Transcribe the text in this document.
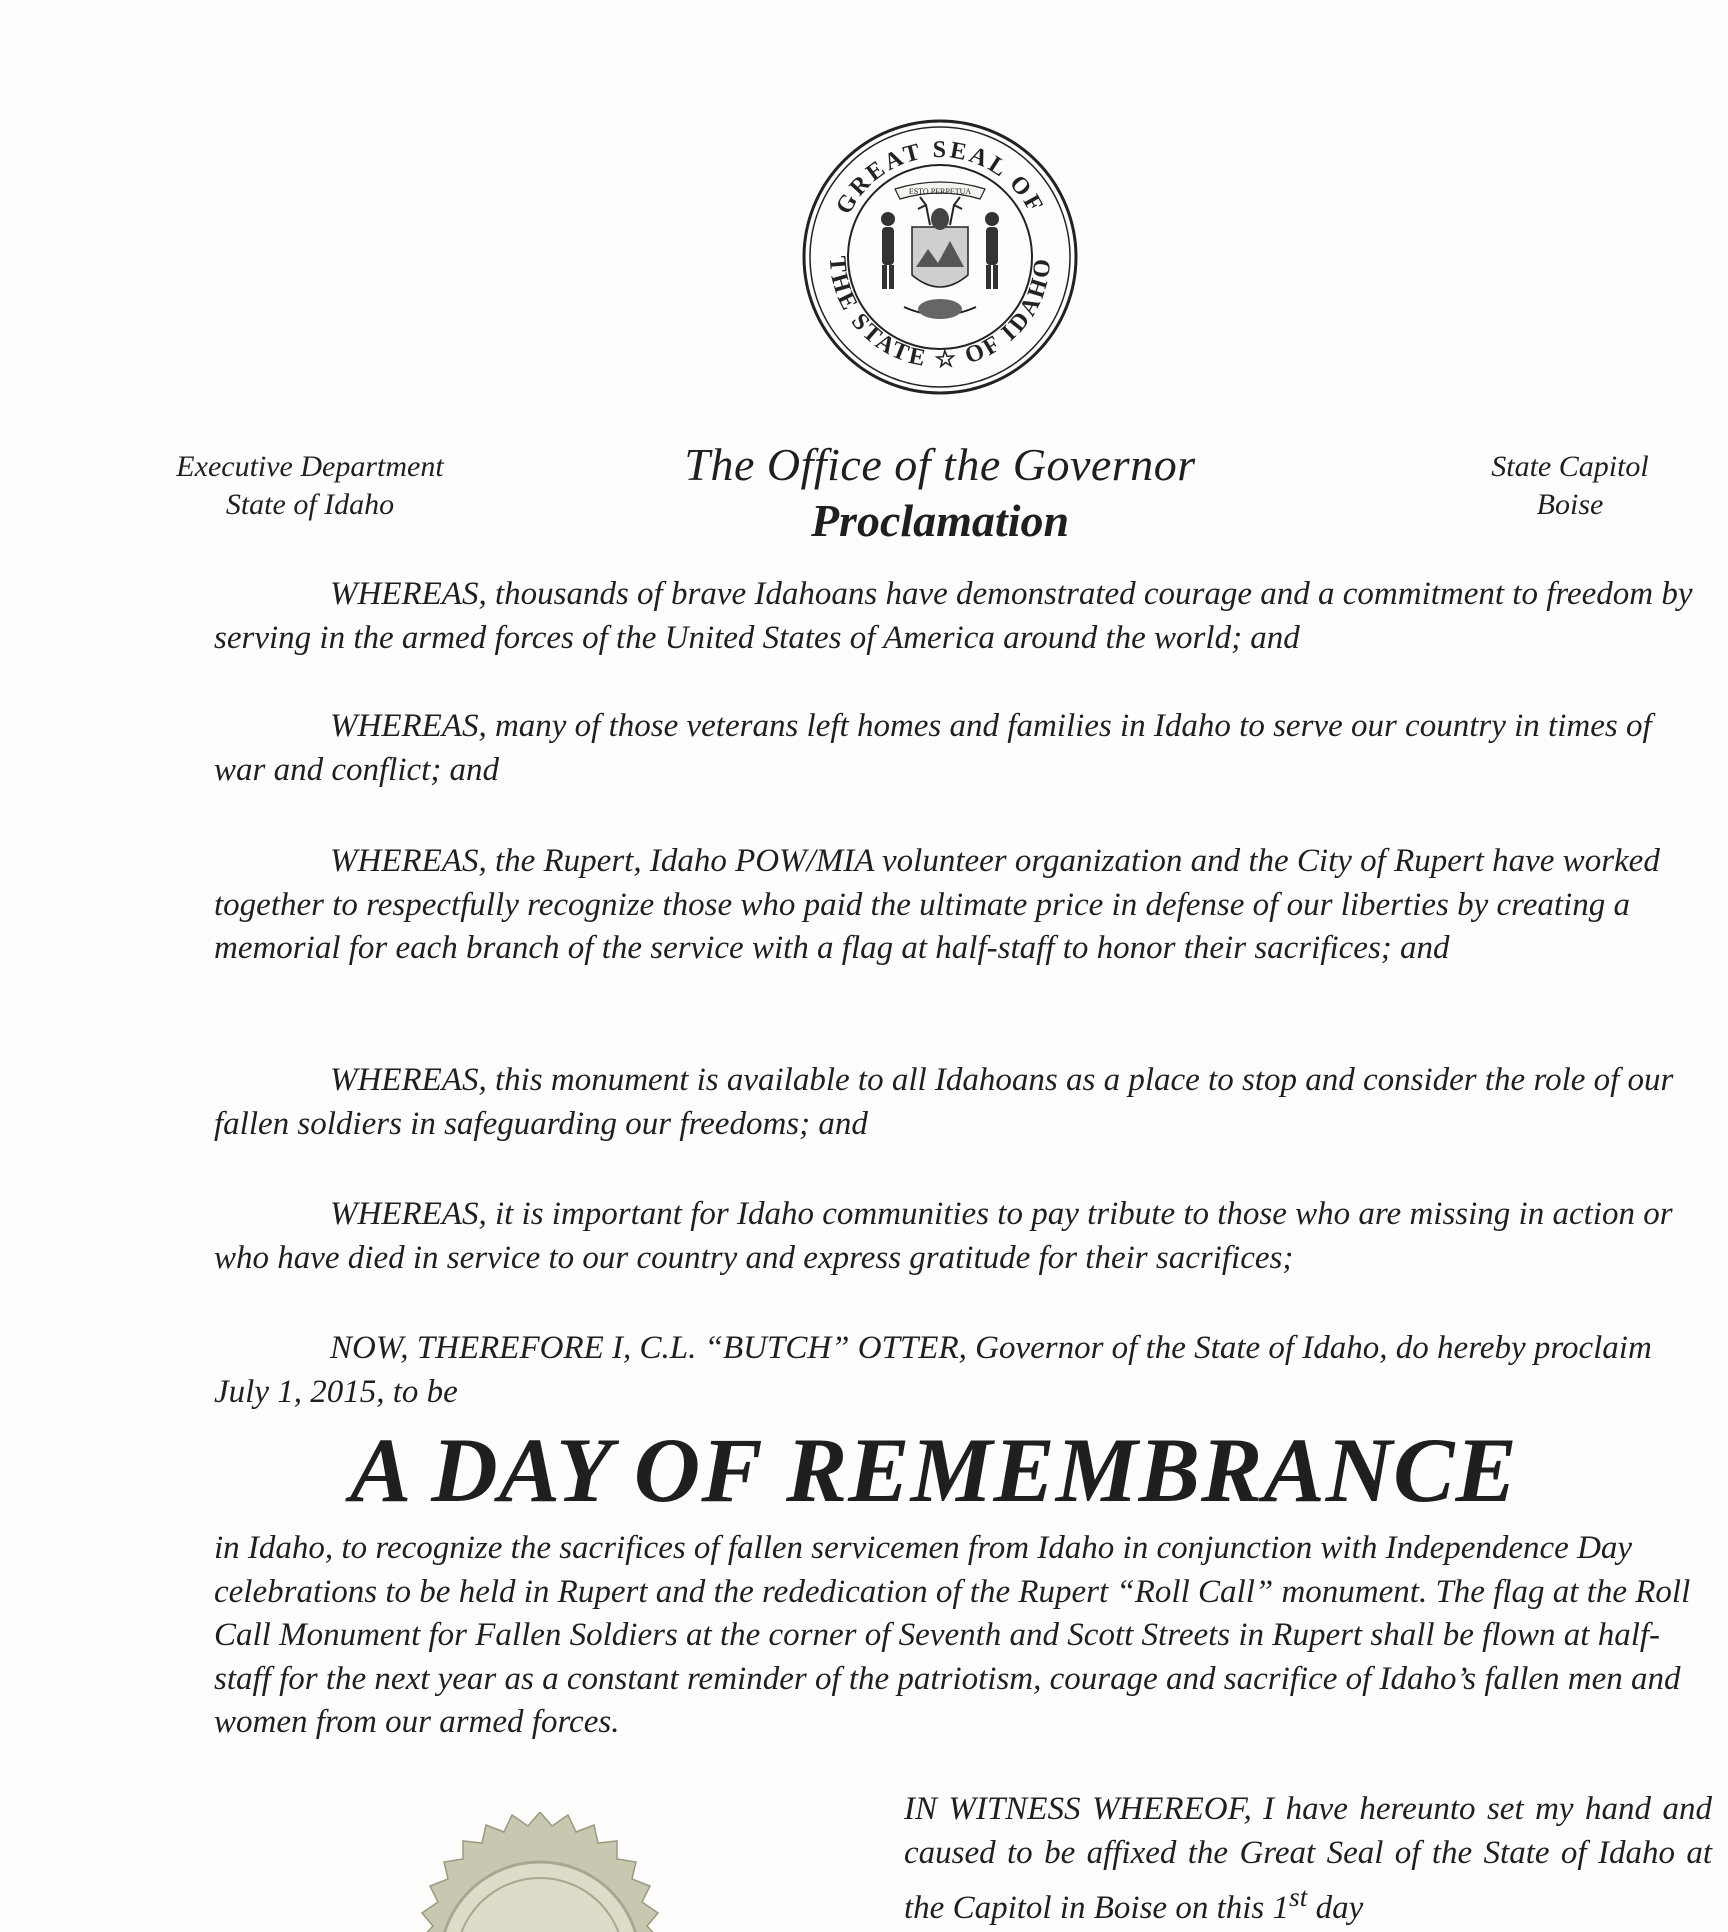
GREAT SEAL OF
THE STATE ☆ OF IDAHO
ESTO PERPETUA
Executive Department
State of Idaho
The Office of the Governor
Proclamation
State Capitol
Boise

WHEREAS, thousands of brave Idahoans have demonstrated courage and a commitment to freedom by serving in the armed forces of the United States of America around the world; and

WHEREAS, many of those veterans left homes and families in Idaho to serve our country in times of war and conflict; and

WHEREAS, the Rupert, Idaho POW/MIA volunteer organization and the City of Rupert have worked together to respectfully recognize those who paid the ultimate price in defense of our liberties by creating a memorial for each branch of the service with a flag at half-staff to honor their sacrifices; and

WHEREAS, this monument is available to all Idahoans as a place to stop and consider the role of our fallen soldiers in safeguarding our freedoms; and

WHEREAS, it is important for Idaho communities to pay tribute to those who are missing in action or who have died in service to our country and express gratitude for their sacrifices;

NOW, THEREFORE I, C.L. “BUTCH” OTTER, Governor of the State of Idaho, do hereby proclaim July 1, 2015, to be

A DAY OF REMEMBRANCE

in Idaho, to recognize the sacrifices of fallen servicemen from Idaho in conjunction with Independence Day celebrations to be held in Rupert and the rededication of the Rupert “Roll Call” monument. The flag at the Roll Call Monument for Fallen Soldiers at the corner of Seventh and Scott Streets in Rupert shall be flown at half-staff for the next year as a constant reminder of the patriotism, courage and sacrifice of Idaho’s fallen men and women from our armed forces.

IN WITNESS WHEREOF, I have hereunto set my hand and caused to be affixed the Great Seal of the State of Idaho at the Capitol in Boise on this 1st day
